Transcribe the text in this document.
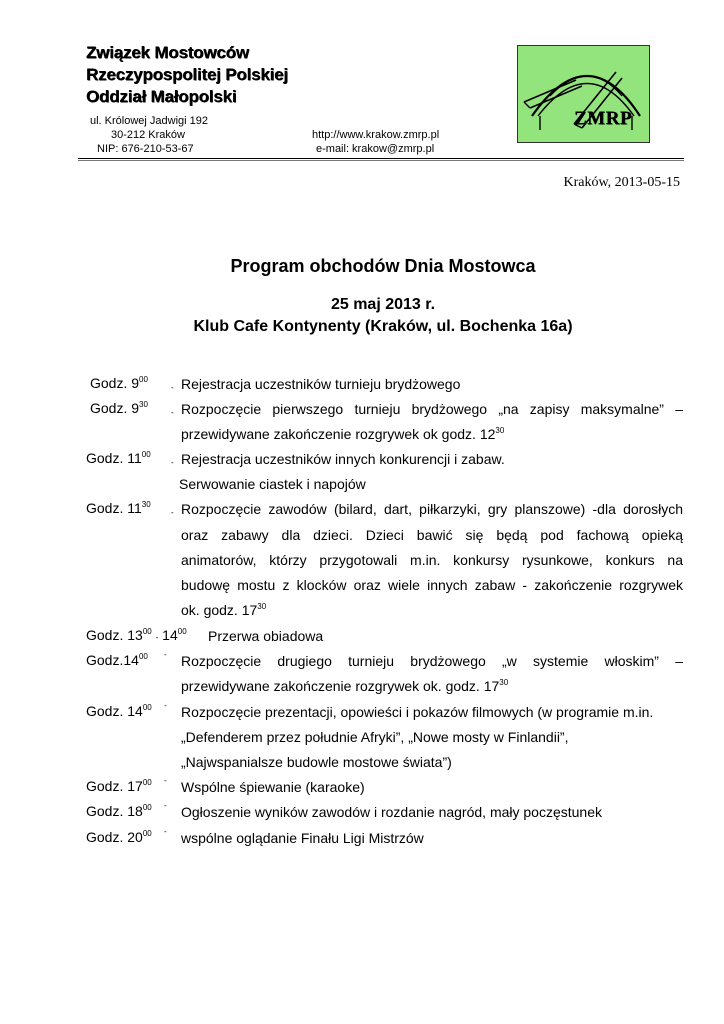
Związek Mostowców
Rzeczypospolitej Polskiej
Oddział Małopolski
ul. Królowej Jadwigi 192
30-212 Kraków
NIP: 676-210-53-67
http://www.krakow.zmrp.pl
e-mail: krakow@zmrp.pl
ZMRP
Kraków, 2013-05-15
Program obchodów Dnia Mostowca
25 maj 2013 r.
Klub Cafe Kontynenty (Kraków, ul. Bochenka 16a)
Godz. $9^{00}$
- Rejestracja uczestników turnieju brydżowego
Godz. $9^{30}$
- Rozpoczęcie pierwszego turnieju brydżowego „na zapisy maksymalne” –
przewidywane zakończenie rozgrywek ok godz. $12^{30}$
Godz. $11^{00}$
- Rejestracja uczestników innych konkurencji i zabaw.
Serwowanie ciastek i napojów
Godz. $11^{30}$
- Rozpoczęcie zawodów (bilard, dart, piłkarzyki, gry planszowe) -dla dorosłych
oraz zabawy dla dzieci. Dzieci bawić się będą pod fachową opieką
animatorów, którzy przygotowali m.in. konkursy rysunkowe, konkurs na
budowę mostu z klocków oraz wiele innych zabaw - zakończenie rozgrywek
ok. godz. $17^{30}$
Godz. $13^{00} - 14^{00}$ Przerwa obiadowa
$Godz.14^{00}$ - Rozpoczęcie drugiego turnieju brydżowego „w systemie włoskim” –
przewidywane zakończenie rozgrywek ok. godz. $17^{30}$
Godz. $14^{00}$ - Rozpoczęcie prezentacji, opowieści i pokazów filmowych (w programie m.in.
„Defenderem przez południe Afryki”, „Nowe mosty w Finlandii”,
„Najwspanialsze budowle mostowe świata”)
Godz. $17^{00}$ - Wspólne śpiewanie (karaoke)
Godz. $18^{00}$ - Ogłoszenie wyników zawodów i rozdanie nagród, mały poczęstunek
Godz. $20^{00}$ - wspólne oglądanie Finału Ligi Mistrzów
